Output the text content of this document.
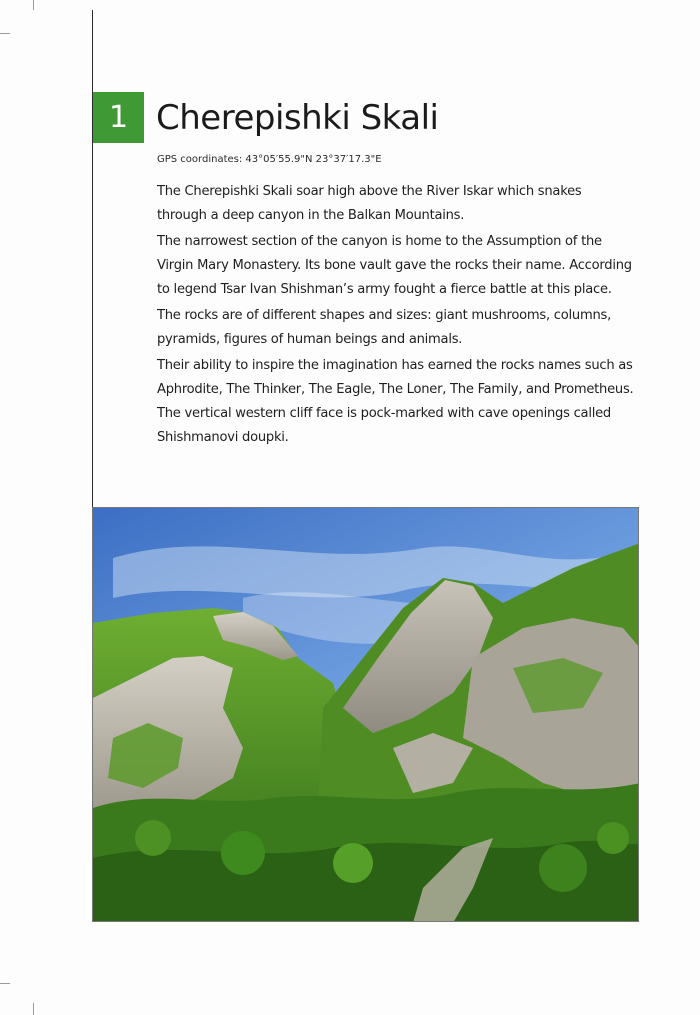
1 Cherepishki Skali
GPS coordinates: 43°05′55.9"N 23°37′17.3"E

The Cherepishki Skali soar high above the River Iskar which snakes through a deep canyon in the Balkan Mountains.

The narrowest section of the canyon is home to the Assumption of the Virgin Mary Monastery. Its bone vault gave the rocks their name. According to legend Tsar Ivan Shishman’s army fought a fierce battle at this place.

The rocks are of different shapes and sizes: giant mushrooms, columns, pyramids, figures of human beings and animals.

Their ability to inspire the imagination has earned the rocks names such as Aphrodite, The Thinker, The Eagle, The Loner, The Family, and Prometheus. The vertical western cliff face is pock-marked with cave openings called Shishmanovi doupki.
